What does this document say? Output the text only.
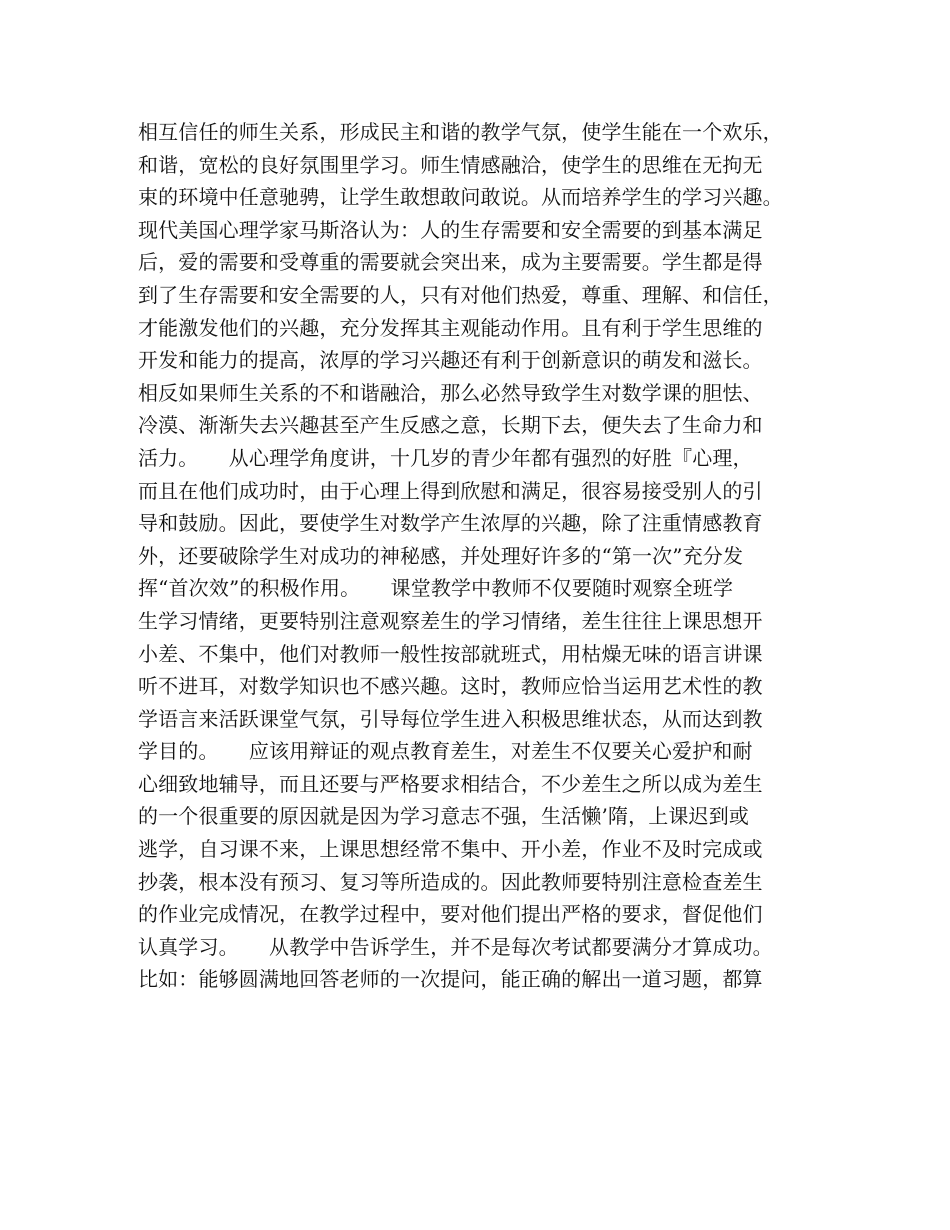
相互信任的师生关系，形成民主和谐的教学气氛，使学生能在一个欢乐，
和谐，宽松的良好氛围里学习。师生情感融洽，使学生的思维在无拘无
束的环境中任意驰骋，让学生敢想敢问敢说。从而培养学生的学习兴趣。
现代美国心理学家马斯洛认为：人的生存需要和安全需要的到基本满足
后，爱的需要和受尊重的需要就会突出来，成为主要需要。学生都是得
到了生存需要和安全需要的人，只有对他们热爱，尊重、理解、和信任，
才能激发他们的兴趣，充分发挥其主观能动作用。且有利于学生思维的
开发和能力的提高，浓厚的学习兴趣还有利于创新意识的萌发和滋长。
相反如果师生关系的不和谐融洽，那么必然导致学生对数学课的胆怯、
冷漠、渐渐失去兴趣甚至产生反感之意，长期下去，便失去了生命力和
活力。　　从心理学角度讲，十几岁的青少年都有强烈的好胜『心理，
而且在他们成功时，由于心理上得到欣慰和满足，很容易接受别人的引
导和鼓励。因此，要使学生对数学产生浓厚的兴趣，除了注重情感教育
外，还要破除学生对成功的神秘感，并处理好许多的“第一次”充分发
挥“首次效”的积极作用。　　课堂教学中教师不仅要随时观察全班学
生学习情绪，更要特别注意观察差生的学习情绪，差生往往上课思想开
小差、不集中，他们对教师一般性按部就班式，用枯燥无味的语言讲课
听不进耳，对数学知识也不感兴趣。这时，教师应恰当运用艺术性的教
学语言来活跃课堂气氛，引导每位学生进入积极思维状态，从而达到教
学目的。　　应该用辩证的观点教育差生，对差生不仅要关心爱护和耐
心细致地辅导，而且还要与严格要求相结合，不少差生之所以成为差生
的一个很重要的原因就是因为学习意志不强，生活懒’隋，上课迟到或
逃学，自习课不来，上课思想经常不集中、开小差，作业不及时完成或
抄袭，根本没有预习、复习等所造成的。因此教师要特别注意检查差生
的作业完成情况，在教学过程中，要对他们提出严格的要求，督促他们
认真学习。　　从教学中告诉学生，并不是每次考试都要满分才算成功。
比如：能够圆满地回答老师的一次提问，能正确的解出一道习题，都算
